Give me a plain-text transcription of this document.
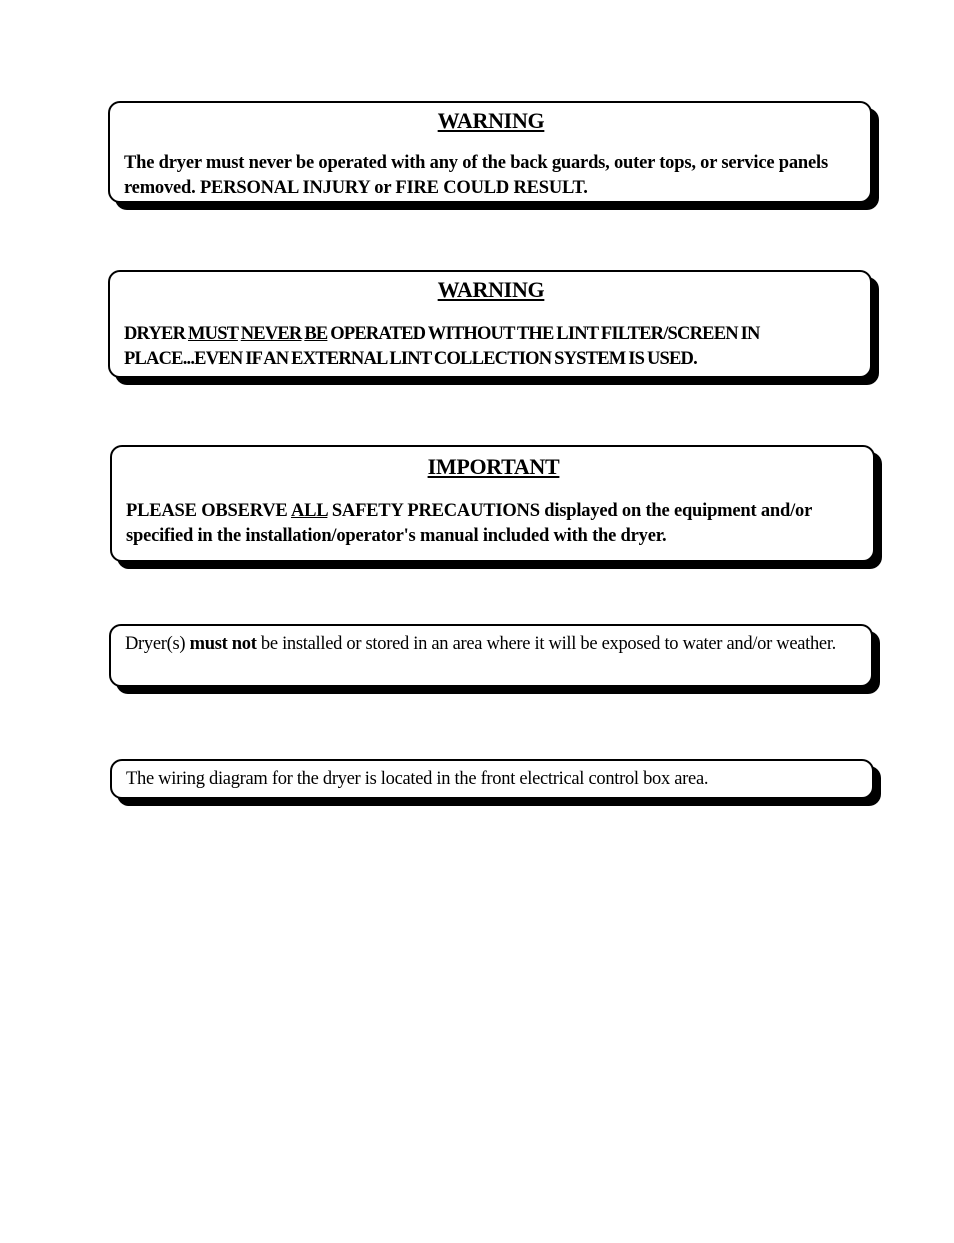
WARNING
The dryer must never be operated with any of the back guards, outer tops, or service panels removed. PERSONAL INJURY or FIRE COULD RESULT.
WARNING
DRYER MUST NEVER BE OPERATED WITHOUT THE LINT FILTER/SCREEN IN PLACE...EVEN IF AN EXTERNAL LINT COLLECTION SYSTEM IS USED.
IMPORTANT
PLEASE OBSERVE ALL SAFETY PRECAUTIONS displayed on the equipment and/or specified in the installation/operator's manual included with the dryer.
Dryer(s) must not be installed or stored in an area where it will be exposed to water and/or weather.
The wiring diagram for the dryer is located in the front electrical control box area.
